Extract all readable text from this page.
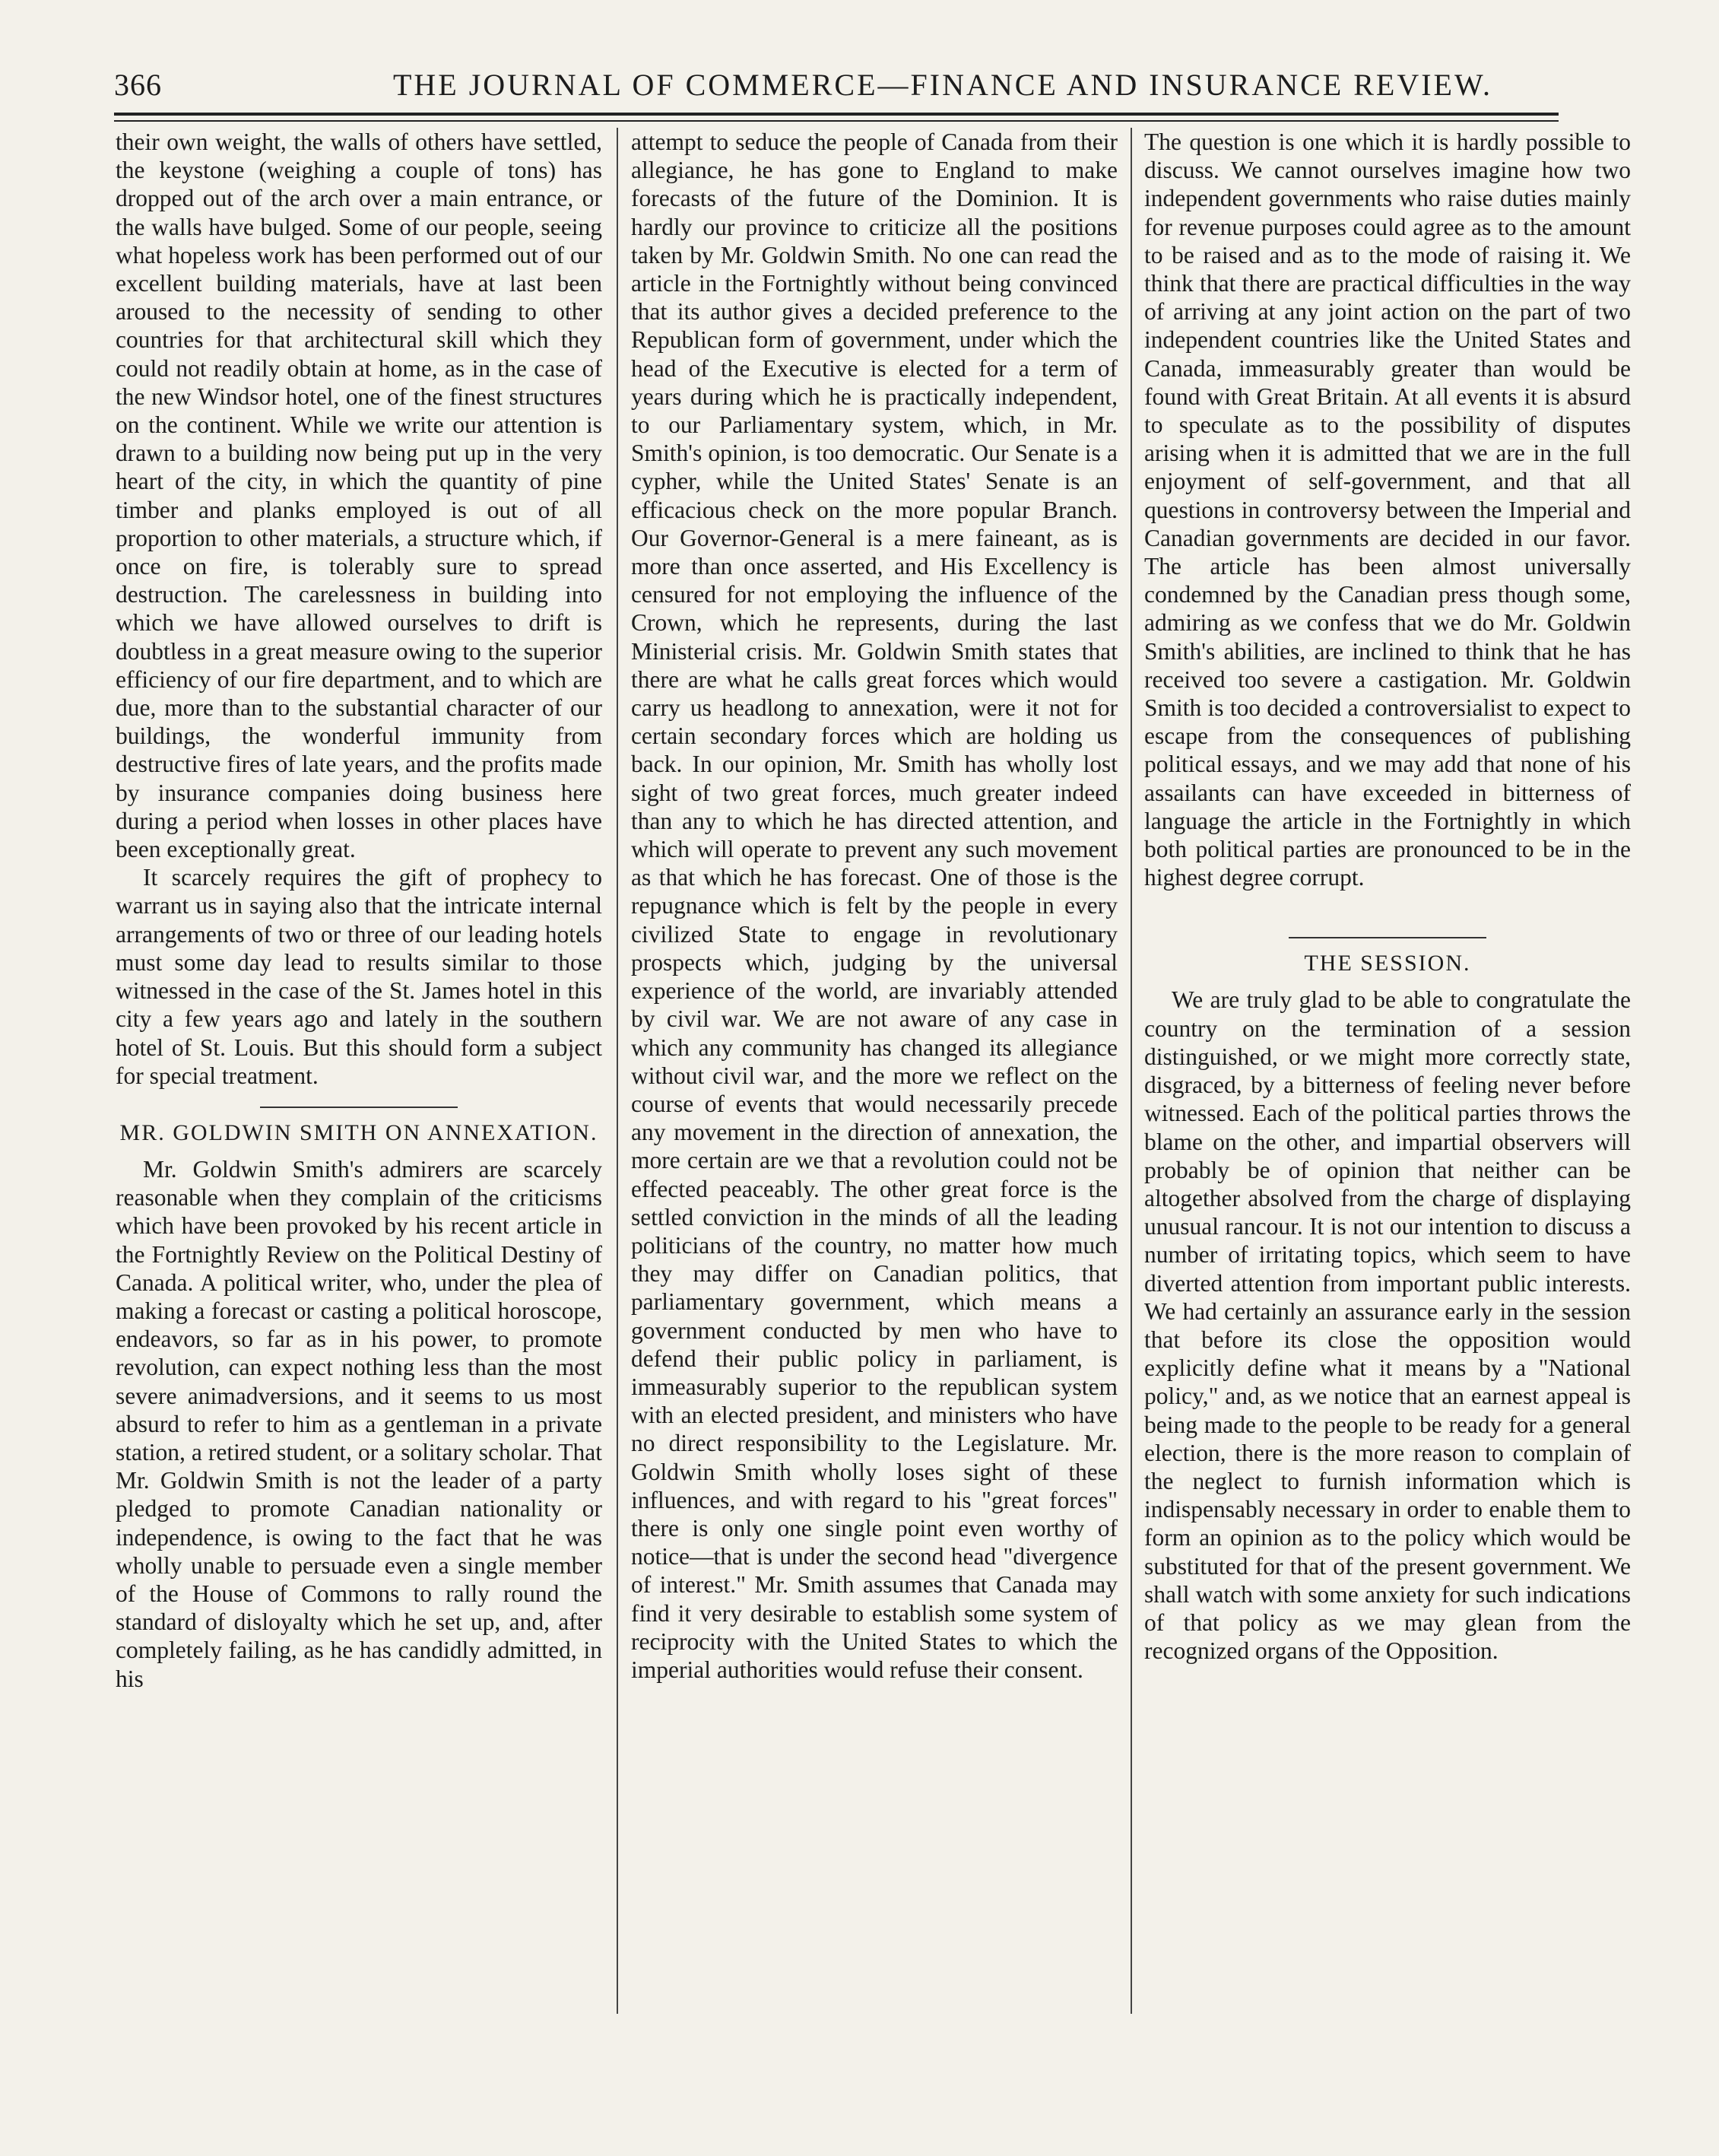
366	THE JOURNAL OF COMMERCE—FINANCE AND INSURANCE REVIEW.

their own weight, the walls of others have settled, the keystone (weighing a couple of tons) has dropped out of the arch over a main entrance, or the walls have bulged. Some of our people, seeing what hopeless work has been performed out of our excellent building materials, have at last been aroused to the necessity of sending to other countries for that architectural skill which they could not readily obtain at home, as in the case of the new Windsor hotel, one of the finest structures on the continent. While we write our attention is drawn to a building now being put up in the very heart of the city, in which the quantity of pine timber and planks employed is out of all proportion to other materials, a structure which, if once on fire, is tolerably sure to spread destruction. The carelessness in building into which we have allowed ourselves to drift is doubtless in a great measure owing to the superior efficiency of our fire department, and to which are due, more than to the substantial character of our buildings, the wonderful immunity from destructive fires of late years, and the profits made by insurance companies doing business here during a period when losses in other places have been exceptionally great.

It scarcely requires the gift of prophecy to warrant us in saying also that the intricate internal arrangements of two or three of our leading hotels must some day lead to results similar to those witnessed in the case of the St. James hotel in this city a few years ago and lately in the southern hotel of St. Louis. But this should form a subject for special treatment.

MR. GOLDWIN SMITH ON ANNEXATION.

Mr. Goldwin Smith's admirers are scarcely reasonable when they complain of the criticisms which have been provoked by his recent article in the Fortnightly Review on the Political Destiny of Canada. A political writer, who, under the plea of making a forecast or casting a political horoscope, endeavors, so far as in his power, to promote revolution, can expect nothing less than the most severe animadversions, and it seems to us most absurd to refer to him as a gentleman in a private station, a retired student, or a solitary scholar. That Mr. Goldwin Smith is not the leader of a party pledged to promote Canadian nationality or independence, is owing to the fact that he was wholly unable to persuade even a single member of the House of Commons to rally round the standard of disloyalty which he set up, and, after completely failing, as he has candidly admitted, in his

attempt to seduce the people of Canada from their allegiance, he has gone to England to make forecasts of the future of the Dominion. It is hardly our province to criticize all the positions taken by Mr. Goldwin Smith. No one can read the article in the Fortnightly without being convinced that its author gives a decided preference to the Republican form of government, under which the head of the Executive is elected for a term of years during which he is practically independent, to our Parliamentary system, which, in Mr. Smith's opinion, is too democratic. Our Senate is a cypher, while the United States' Senate is an efficacious check on the more popular Branch. Our Governor-General is a mere faineant, as is more than once asserted, and His Excellency is censured for not employing the influence of the Crown, which he represents, during the last Ministerial crisis. Mr. Goldwin Smith states that there are what he calls great forces which would carry us headlong to annexation, were it not for certain secondary forces which are holding us back. In our opinion, Mr. Smith has wholly lost sight of two great forces, much greater indeed than any to which he has directed attention, and which will operate to prevent any such movement as that which he has forecast. One of those is the repugnance which is felt by the people in every civilized State to engage in revolutionary prospects which, judging by the universal experience of the world, are invariably attended by civil war. We are not aware of any case in which any community has changed its allegiance without civil war, and the more we reflect on the course of events that would necessarily precede any movement in the direction of annexation, the more certain are we that a revolution could not be effected peaceably. The other great force is the settled conviction in the minds of all the leading politicians of the country, no matter how much they may differ on Canadian politics, that parliamentary government, which means a government conducted by men who have to defend their public policy in parliament, is immeasurably superior to the republican system with an elected president, and ministers who have no direct responsibility to the Legislature. Mr. Goldwin Smith wholly loses sight of these influences, and with regard to his "great forces" there is only one single point even worthy of notice—that is under the second head "divergence of interest." Mr. Smith assumes that Canada may find it very desirable to establish some system of reciprocity with the United States to which the imperial authorities would refuse their consent.

The question is one which it is hardly possible to discuss. We cannot ourselves imagine how two independent governments who raise duties mainly for revenue purposes could agree as to the amount to be raised and as to the mode of raising it. We think that there are practical difficulties in the way of arriving at any joint action on the part of two independent countries like the United States and Canada, immeasurably greater than would be found with Great Britain. At all events it is absurd to speculate as to the possibility of disputes arising when it is admitted that we are in the full enjoyment of self-government, and that all questions in controversy between the Imperial and Canadian governments are decided in our favor. The article has been almost universally condemned by the Canadian press though some, admiring as we confess that we do Mr. Goldwin Smith's abilities, are inclined to think that he has received too severe a castigation. Mr. Goldwin Smith is too decided a controversialist to expect to escape from the consequences of publishing political essays, and we may add that none of his assailants can have exceeded in bitterness of language the article in the Fortnightly in which both political parties are pronounced to be in the highest degree corrupt.

THE SESSION.

We are truly glad to be able to congratulate the country on the termination of a session distinguished, or we might more correctly state, disgraced, by a bitterness of feeling never before witnessed. Each of the political parties throws the blame on the other, and impartial observers will probably be of opinion that neither can be altogether absolved from the charge of displaying unusual rancour. It is not our intention to discuss a number of irritating topics, which seem to have diverted attention from important public interests. We had certainly an assurance early in the session that before its close the opposition would explicitly define what it means by a "National policy," and, as we notice that an earnest appeal is being made to the people to be ready for a general election, there is the more reason to complain of the neglect to furnish information which is indispensably necessary in order to enable them to form an opinion as to the policy which would be substituted for that of the present government. We shall watch with some anxiety for such indications of that policy as we may glean from the recognized organs of the Opposition.
